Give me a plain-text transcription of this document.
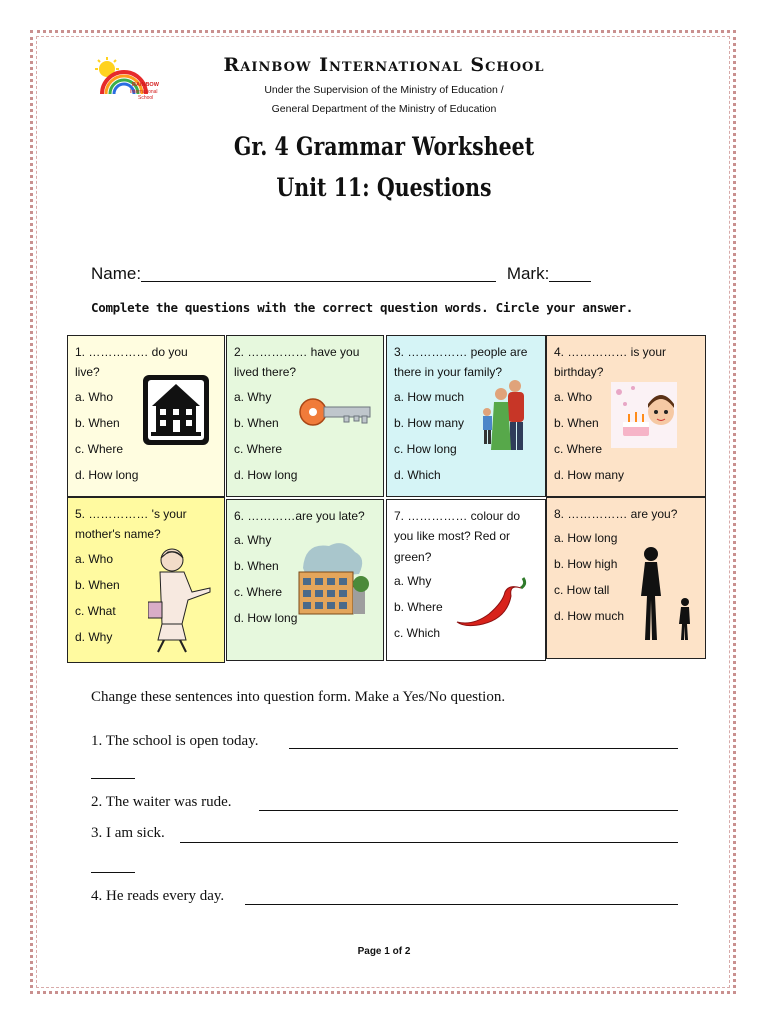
RAINBOW
International
School
Rainbow International School
Under the Supervision of the Ministry of Education /
General Department of the Ministry of Education
Gr. 4 Grammar Worksheet
Unit 11: Questions
Name:	Mark:
Complete the questions with the correct question words. Circle your answer.
1. …………… do you live?
a. Who
b. When
c. Where
d. How long
2. …………… have you lived there?
a. Why
b. When
c. Where
d. How long
3. …………… people are there in your family?
a. How much
b. How many
c. How long
d. Which
4. …………… is your birthday?
a. Who
b. When
c. Where
d. How many
5. …………… 's your mother's name?
a. Who
b. When
c. What
d. Why
6. …………are you late?
a. Why
b. When
c. Where
d. How long
7. …………… colour do you like most? Red or green?
a. Why
b. Where
c. Which
8. …………… are you?
a. How long
b. How high
c. How tall
d. How much
Change these sentences into question form. Make a Yes/No question.
1. The school is open today.
2. The waiter was rude.
3. I am sick.
4. He reads every day.
Page 1 of 2
